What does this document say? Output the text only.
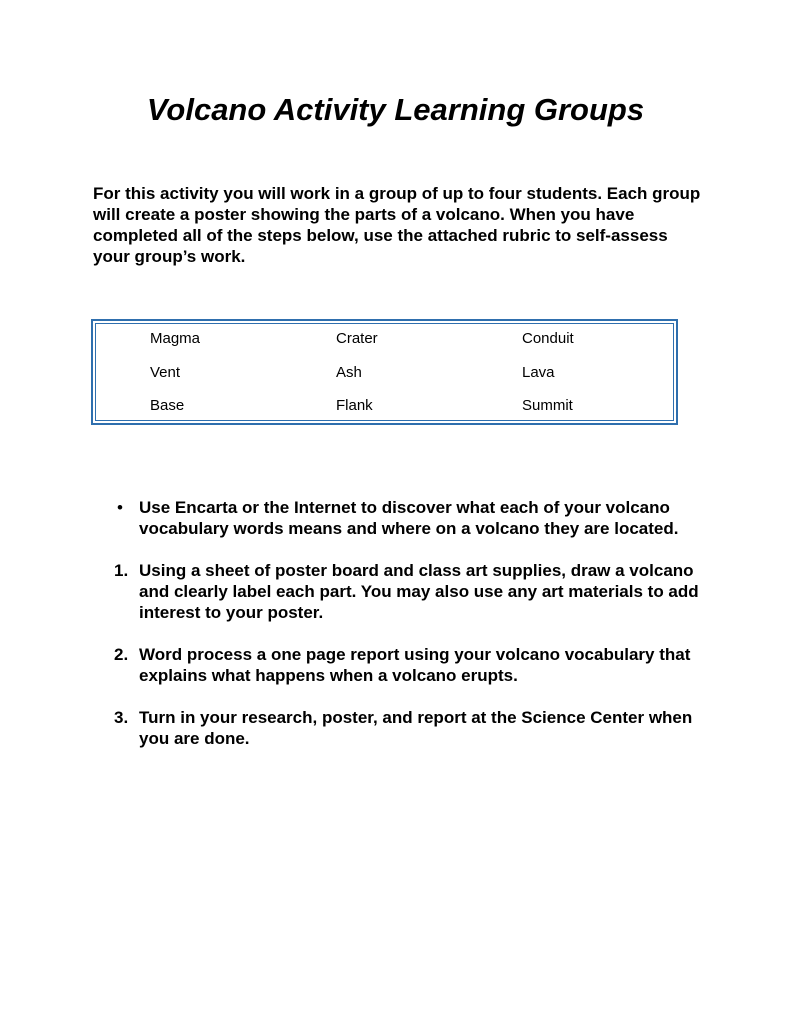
Volcano Activity Learning Groups

For this activity you will work in a group of up to four students. Each group will create a poster showing the parts of a volcano. When you have completed all of the steps below, use the attached rubric to self-assess your group’s work.

Magma	Crater	Conduit
Vent	Ash	Lava
Base	Flank	Summit
• Use Encarta or the Internet to discover what each of your volcano vocabulary words means and where on a volcano they are located.
1. Using a sheet of poster board and class art supplies, draw a volcano and clearly label each part. You may also use any art materials to add interest to your poster.
2. Word process a one page report using your volcano vocabulary that explains what happens when a volcano erupts.
3. Turn in your research, poster, and report at the Science Center when you are done.
